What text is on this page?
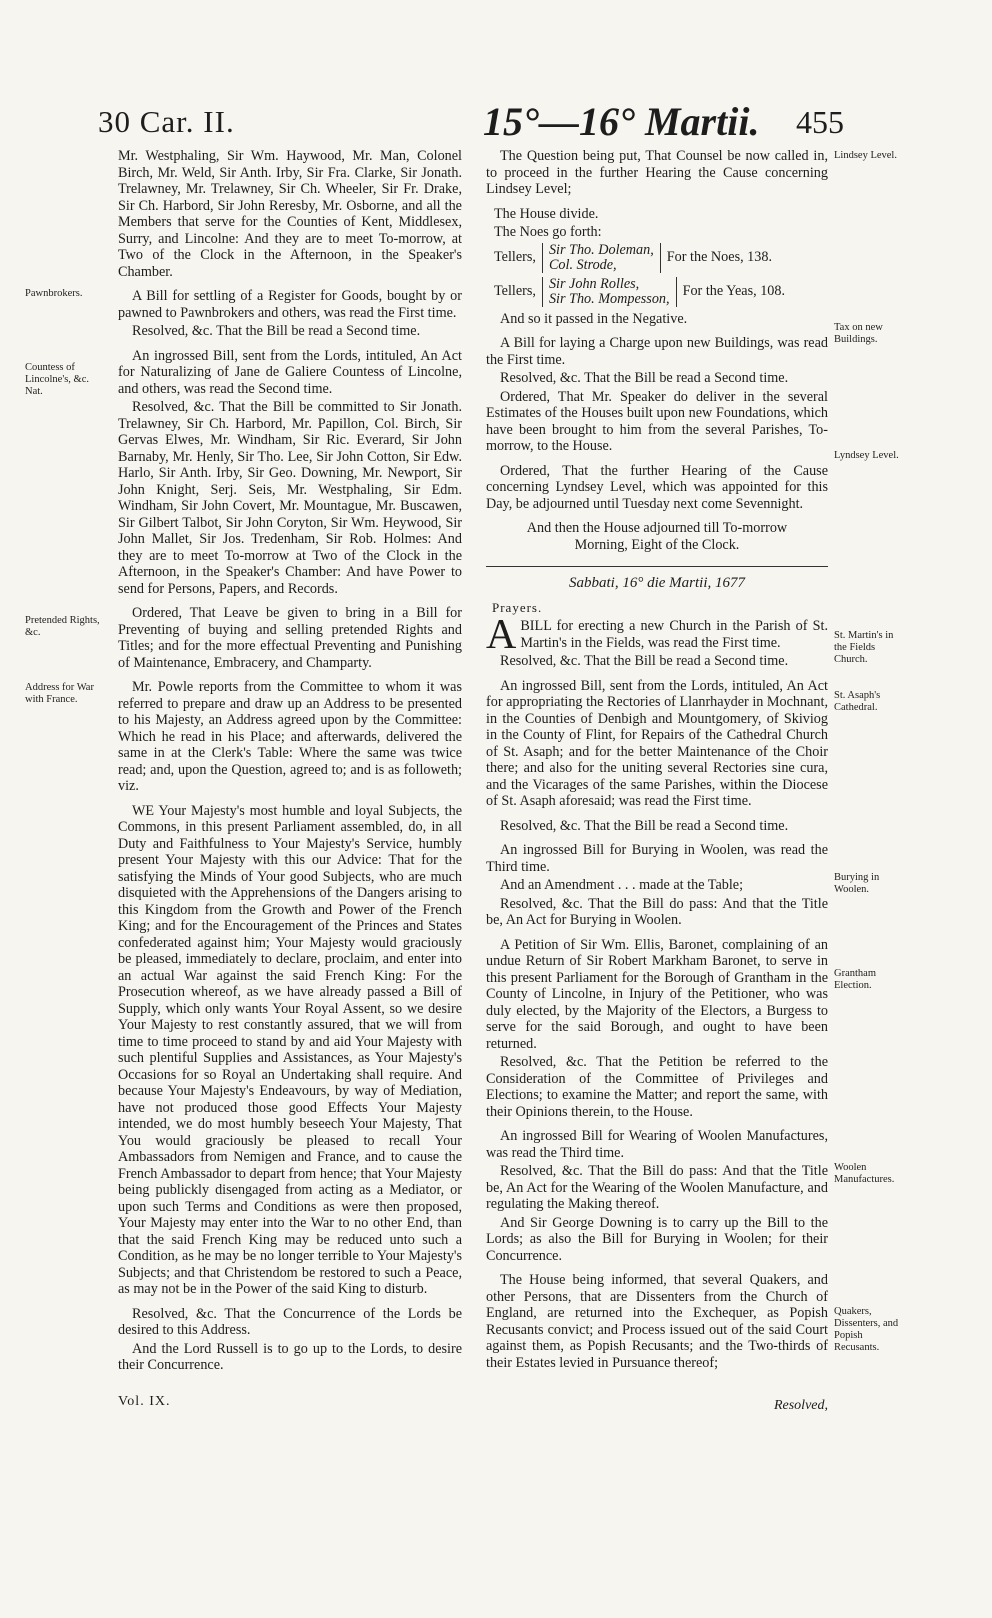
30 Car. II.	15°—16° Martii. 455
Pawnbrokers.
Countess of Lincolne's, &c. Nat.
Pretended Rights, &c.
Address for War with France.

Mr. Westphaling, Sir Wm. Haywood, Mr. Man, Colonel Birch, Mr. Weld, Sir Anth. Irby, Sir Fra. Clarke, Sir Jonath. Trelawney, Mr. Trelawney, Sir Ch. Wheeler, Sir Fr. Drake, Sir Ch. Harbord, Sir John Reresby, Mr. Osborne, and all the Members that serve for the Counties of Kent, Middlesex, Surry, and Lincolne: And they are to meet To-morrow, at Two of the Clock in the Afternoon, in the Speaker's Chamber.

A Bill for settling of a Register for Goods, bought by or pawned to Pawnbrokers and others, was read the First time.

Resolved, &c. That the Bill be read a Second time.

An ingrossed Bill, sent from the Lords, intituled, An Act for Naturalizing of Jane de Galiere Countess of Lincolne, and others, was read the Second time.

Resolved, &c. That the Bill be committed to Sir Jonath. Trelawney, Sir Ch. Harbord, Mr. Papillon, Col. Birch, Sir Gervas Elwes, Mr. Windham, Sir Ric. Everard, Sir John Barnaby, Mr. Henly, Sir Tho. Lee, Sir John Cotton, Sir Edw. Harlo, Sir Anth. Irby, Sir Geo. Downing, Mr. Newport, Sir John Knight, Serj. Seis, Mr. Westphaling, Sir Edm. Windham, Sir John Covert, Mr. Mountague, Mr. Buscawen, Sir Gilbert Talbot, Sir John Coryton, Sir Wm. Heywood, Sir John Mallet, Sir Jos. Tredenham, Sir Rob. Holmes: And they are to meet To-morrow at Two of the Clock in the Afternoon, in the Speaker's Chamber: And have Power to send for Persons, Papers, and Records.

Ordered, That Leave be given to bring in a Bill for Preventing of buying and selling pretended Rights and Titles; and for the more effectual Preventing and Punishing of Maintenance, Embracery, and Champarty.

Mr. Powle reports from the Committee to whom it was referred to prepare and draw up an Address to be presented to his Majesty, an Address agreed upon by the Committee: Which he read in his Place; and afterwards, delivered the same in at the Clerk's Table: Where the same was twice read; and, upon the Question, agreed to; and is as followeth; viz.

WE Your Majesty's most humble and loyal Subjects, the Commons, in this present Parliament assembled, do, in all Duty and Faithfulness to Your Majesty's Service, humbly present Your Majesty with this our Advice: That for the satisfying the Minds of Your good Subjects, who are much disquieted with the Apprehensions of the Dangers arising to this Kingdom from the Growth and Power of the French King; and for the Encouragement of the Princes and States confederated against him; Your Majesty would graciously be pleased, immediately to declare, proclaim, and enter into an actual War against the said French King: For the Prosecution whereof, as we have already passed a Bill of Supply, which only wants Your Royal Assent, so we desire Your Majesty to rest constantly assured, that we will from time to time proceed to stand by and aid Your Majesty with such plentiful Supplies and Assistances, as Your Majesty's Occasions for so Royal an Undertaking shall require. And because Your Majesty's Endeavours, by way of Mediation, have not produced those good Effects Your Majesty intended, we do most humbly beseech Your Majesty, That You would graciously be pleased to recall Your Ambassadors from Nemigen and France, and to cause the French Ambassador to depart from hence; that Your Majesty being publickly disengaged from acting as a Mediator, or upon such Terms and Conditions as were then proposed, Your Majesty may enter into the War to no other End, than that the said French King may be reduced unto such a Condition, as he may be no longer terrible to Your Majesty's Subjects; and that Christendom be restored to such a Peace, as may not be in the Power of the said King to disturb.

Resolved, &c. That the Concurrence of the Lords be desired to this Address.

And the Lord Russell is to go up to the Lords, to desire their Concurrence.

Vol. IX.
Lindsey Level.
Tax on new Buildings.
Lyndsey Level.
St. Martin's in the Fields Church.
St. Asaph's Cathedral.
Burying in Woolen.
Grantham Election.
Woolen Manufactures.
Quakers, Dissenters, and Popish Recusants.

The Question being put, That Counsel be now called in, to proceed in the further Hearing the Cause concerning Lindsey Level;

The House divide.
The Noes go forth:
Tellers, Sir Tho. Doleman,
Col. Strode,	For the Noes, 138.
Tellers, Sir John Rolles,
Sir Tho. Mompesson, For the Yeas, 108.

And so it passed in the Negative.

A Bill for laying a Charge upon new Buildings, was read the First time.

Resolved, &c. That the Bill be read a Second time.

Ordered, That Mr. Speaker do deliver in the several Estimates of the Houses built upon new Foundations, which have been brought to him from the several Parishes, To-morrow, to the House.

Ordered, That the further Hearing of the Cause concerning Lyndsey Level, which was appointed for this Day, be adjourned until Tuesday next come Sevennight.

And then the House adjourned till To-morrow Morning, Eight of the Clock.

Sabbati, 16° die Martii, 1677

Prayers.

ABILL for erecting a new Church in the Parish of St. Martin's in the Fields, was read the First time.

Resolved, &c. That the Bill be read a Second time.

An ingrossed Bill, sent from the Lords, intituled, An Act for appropriating the Rectories of Llanrhayder in Mochnant, in the Counties of Denbigh and Mountgomery, of Skiviog in the County of Flint, for Repairs of the Cathedral Church of St. Asaph; and for the better Maintenance of the Choir there; and also for the uniting several Rectories sine cura, and the Vicarages of the same Parishes, within the Diocese of St. Asaph aforesaid; was read the First time.

Resolved, &c. That the Bill be read a Second time.

An ingrossed Bill for Burying in Woolen, was read the Third time.

And an Amendment . . . made at the Table;

Resolved, &c. That the Bill do pass: And that the Title be, An Act for Burying in Woolen.

A Petition of Sir Wm. Ellis, Baronet, complaining of an undue Return of Sir Robert Markham Baronet, to serve in this present Parliament for the Borough of Grantham in the County of Lincolne, in Injury of the Petitioner, who was duly elected, by the Majority of the Electors, a Burgess to serve for the said Borough, and ought to have been returned.

Resolved, &c. That the Petition be referred to the Consideration of the Committee of Privileges and Elections; to examine the Matter; and report the same, with their Opinions therein, to the House.

An ingrossed Bill for Wearing of Woolen Manufactures, was read the Third time.

Resolved, &c. That the Bill do pass: And that the Title be, An Act for the Wearing of the Woolen Manufacture, and regulating the Making thereof.

And Sir George Downing is to carry up the Bill to the Lords; as also the Bill for Burying in Woolen; for their Concurrence.

The House being informed, that several Quakers, and other Persons, that are Dissenters from the Church of England, are returned into the Exchequer, as Popish Recusants convict; and Process issued out of the said Court against them, as Popish Recusants; and the Two-thirds of their Estates levied in Pursuance thereof;

Resolved,
